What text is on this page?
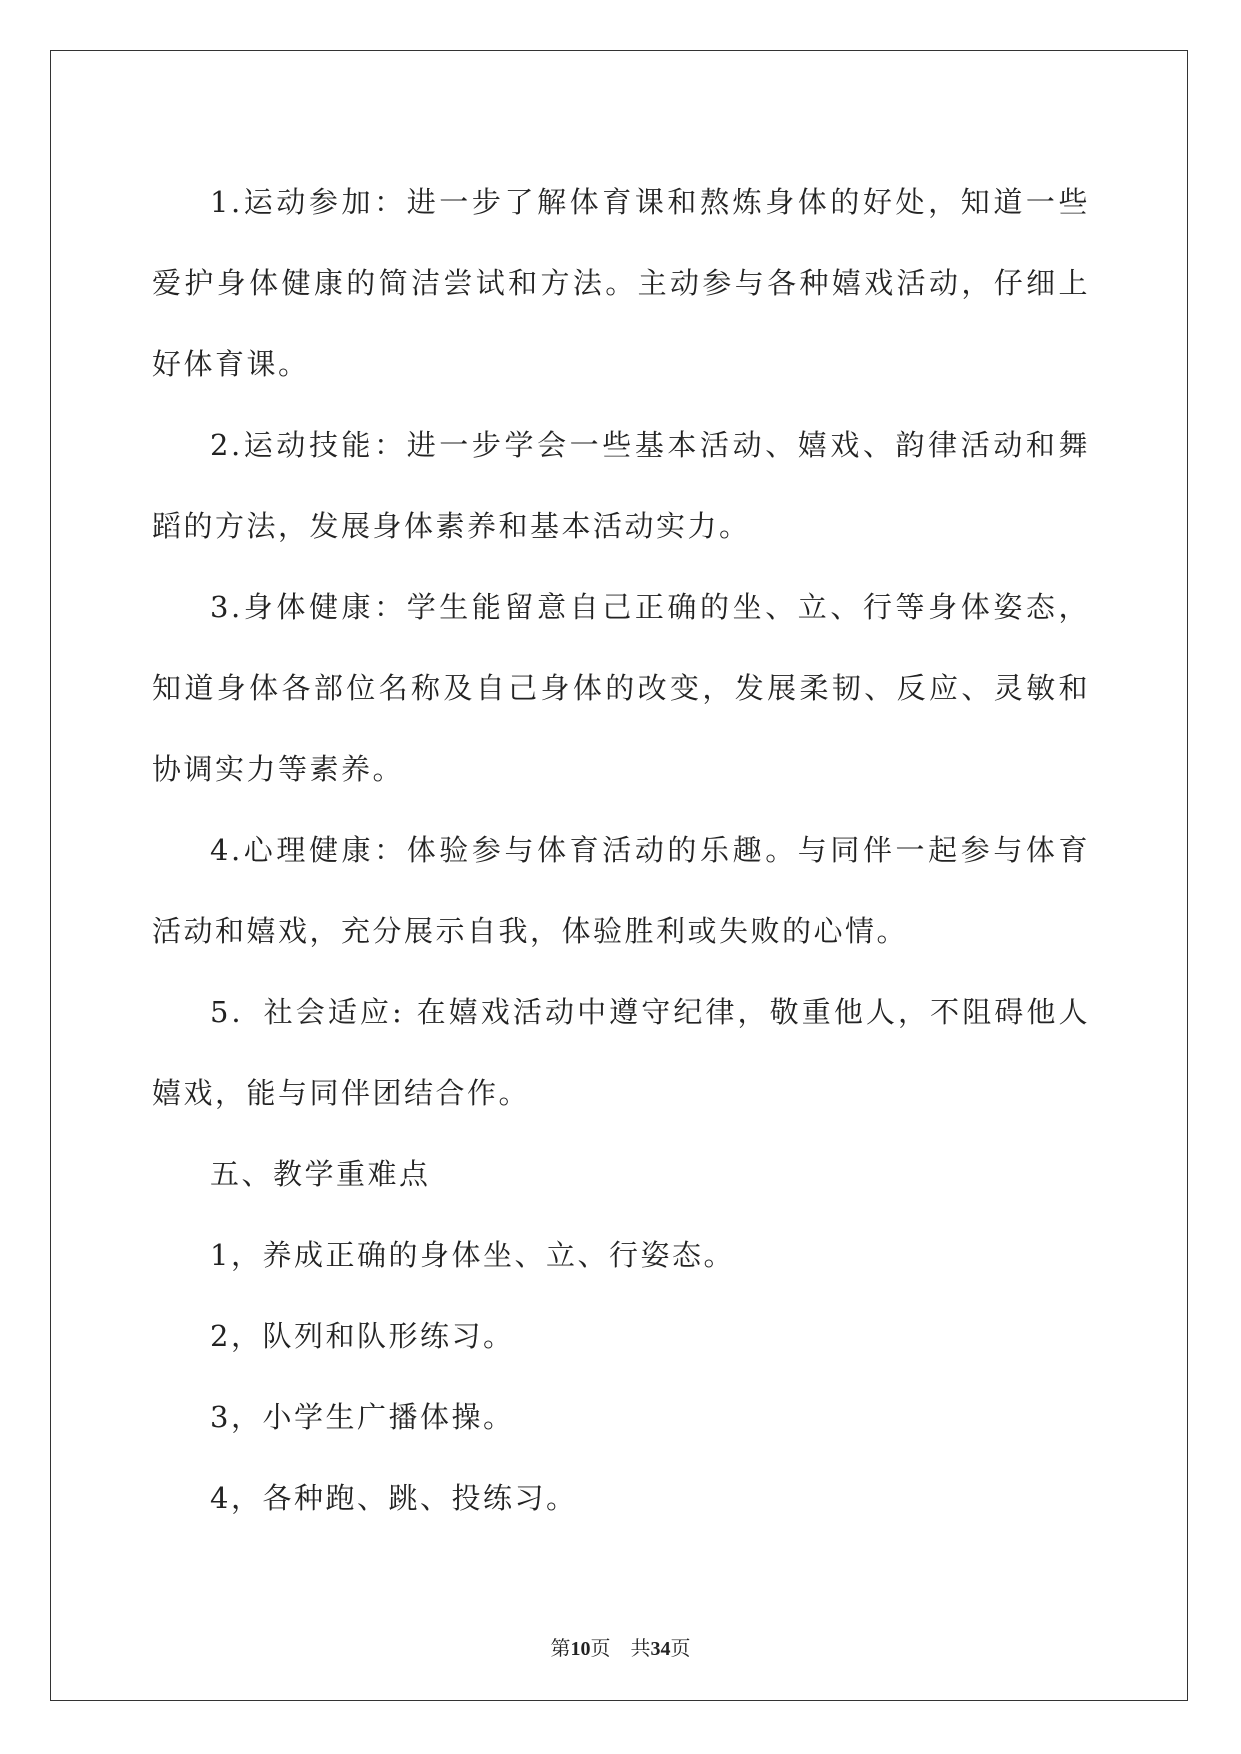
1.运动参加：进一步了解体育课和熬炼身体的好处，知道一些爱护身体健康的简洁尝试和方法。主动参与各种嬉戏活动，仔细上好体育课。

2.运动技能：进一步学会一些基本活动、嬉戏、韵律活动和舞蹈的方法，发展身体素养和基本活动实力。

3.身体健康：学生能留意自己正确的坐、立、行等身体姿态，知道身体各部位名称及自己身体的改变，发展柔韧、反应、灵敏和协调实力等素养。

4.心理健康：体验参与体育活动的乐趣。与同伴一起参与体育活动和嬉戏，充分展示自我，体验胜利或失败的心情。

5．社会适应: 在嬉戏活动中遵守纪律，敬重他人，不阻碍他人嬉戏，能与同伴团结合作。

五、教学重难点

1，养成正确的身体坐、立、行姿态。

2，队列和队形练习。

3，小学生广播体操。

4，各种跑、跳、投练习。

第10页 共34页
